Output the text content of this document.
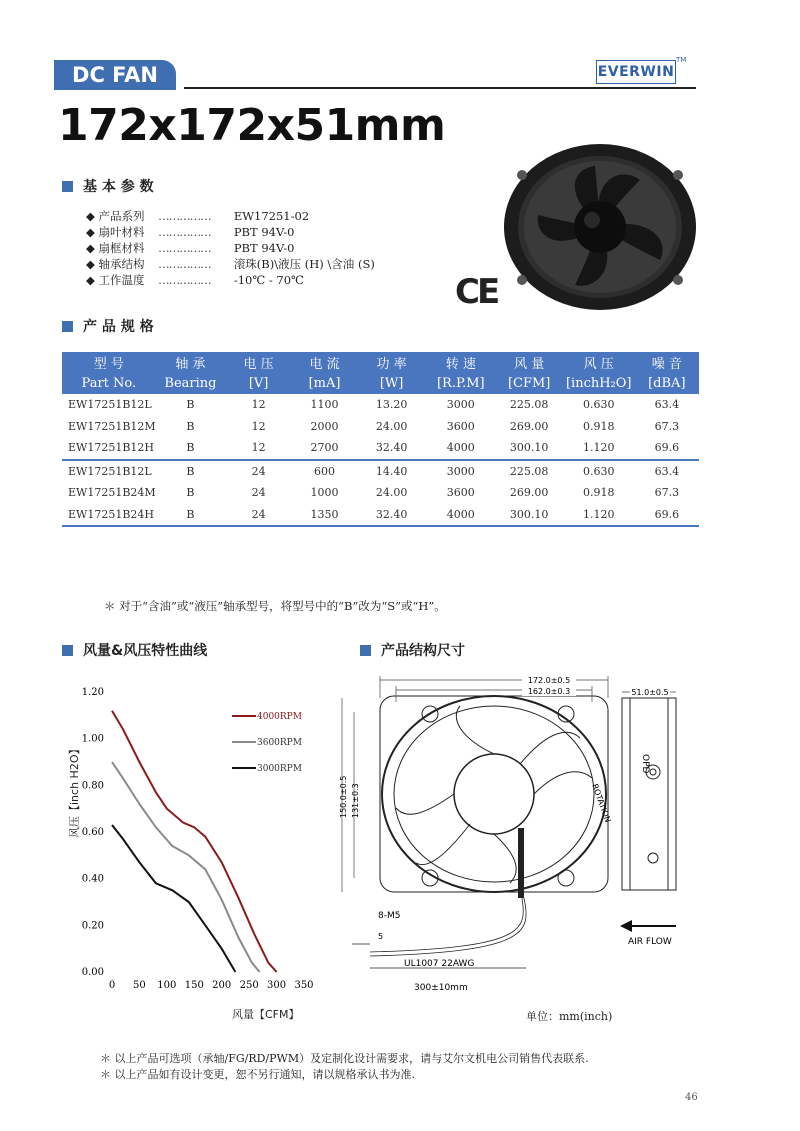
DC FAN	EVERWIN
TM
172x172x51mm
基 本 参 数
◆ 产品系列 …………… EW17251-02
◆ 扇叶材料 …………… PBT 94V-0
◆ 扇框材料 …………… PBT 94V-0
◆ 轴承结构 …………… 滚珠(B)\液压 (H) \含油 (S)
◆ 工作温度 …………… -10℃ - 70℃	CE
产 品 规 格
型 号	轴 承	电 压	电 流	功 率	转 速	风 量	风 压	噪 音
Part No.	Bearing	[V]	[mA]	[W]	[R.P.M]	[CFM]	[inchH₂O]	[dBA]
EW17251B12L	B	12	1100	13.20	3000	225.08	0.630	63.4
EW17251B12M	B	12	2000	24.00	3600	269.00	0.918	67.3
EW17251B12H	B	12	2700	32.40	4000	300.10	1.120	69.6
EW17251B12L	B	24	600	14.40	3000	225.08	0.630	63.4
EW17251B24M	B	24	1000	24.00	3600	269.00	0.918	67.3
EW17251B24H	B	24	1350	32.40	4000	300.10	1.120	69.6
＊ 对于“含油”或“液压”轴承型号，将型号中的“B”改为“S”或“H”。
风量&风压特性曲线	产品结构尺寸
0.00
0.20
0.40
0.60
0.80
1.00
1.20
0 50 100 150 200 250 300 350
4000RPM
3600RPM
3000RPM
风压【inch H2O】
风量【CFM】
172.0±0.5
162.0±0.3
150.0±0.5 131±0.3
51.0±0.5
OPD
ROTATION
AIR FLOW
8-M5
5
UL1007 22AWG
300±10mm
单位：mm(inch)
＊ 以上产品可选项（承轴/FG/RD/PWM）及定制化设计需要求，请与艾尔文机电公司销售代表联系.
＊ 以上产品如有设计变更，恕不另行通知，请以规格承认书为准.
46
